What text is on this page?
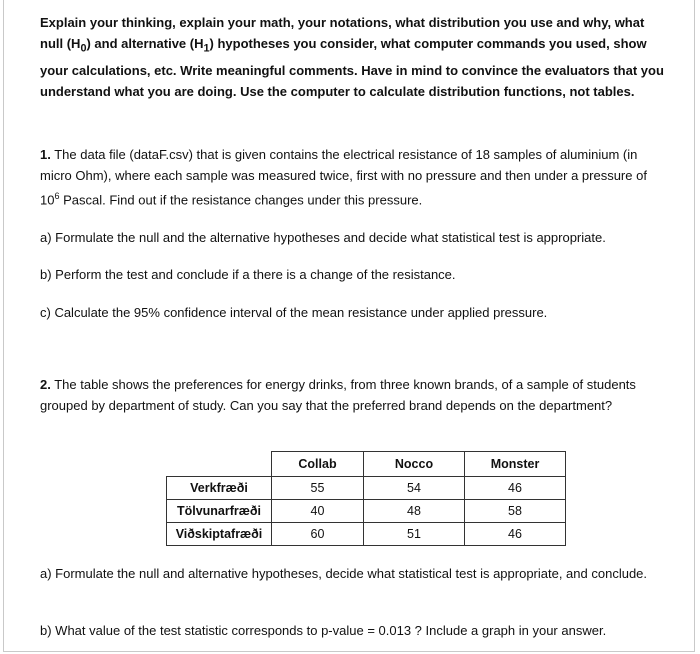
Explain your thinking, explain your math, your notations, what distribution you use and why, what null $(H_0)$ and alternative $(H_1)$ hypotheses you consider, what computer commands you used, show your calculations, etc. Write meaningful comments. Have in mind to convince the evaluators that you understand what you are doing. Use the computer to calculate distribution functions, not tables.

1. The data file (dataF.csv) that is given contains the electrical resistance of 18 samples of aluminium (in micro Ohm), where each sample was measured twice, first with no pressure and then under a pressure of $10^6$ Pascal. Find out if the resistance changes under this pressure.

a) Formulate the null and the alternative hypotheses and decide what statistical test is appropriate.

b) Perform the test and conclude if a there is a change of the resistance.

c) Calculate the 95% confidence interval of the mean resistance under applied pressure.

2. The table shows the preferences for energy drinks, from three known brands, of a sample of students grouped by department of study. Can you say that the preferred brand depends on the department?

	Collab	Nocco	Monster
Verkfræði	55	54	46
Tölvunarfræði	40	48	58
Viðskiptafræði	60	51	46

a) Formulate the null and alternative hypotheses, decide what statistical test is appropriate, and conclude.

b) What value of the test statistic corresponds to p-value = 0.013 ? Include a graph in your answer.
